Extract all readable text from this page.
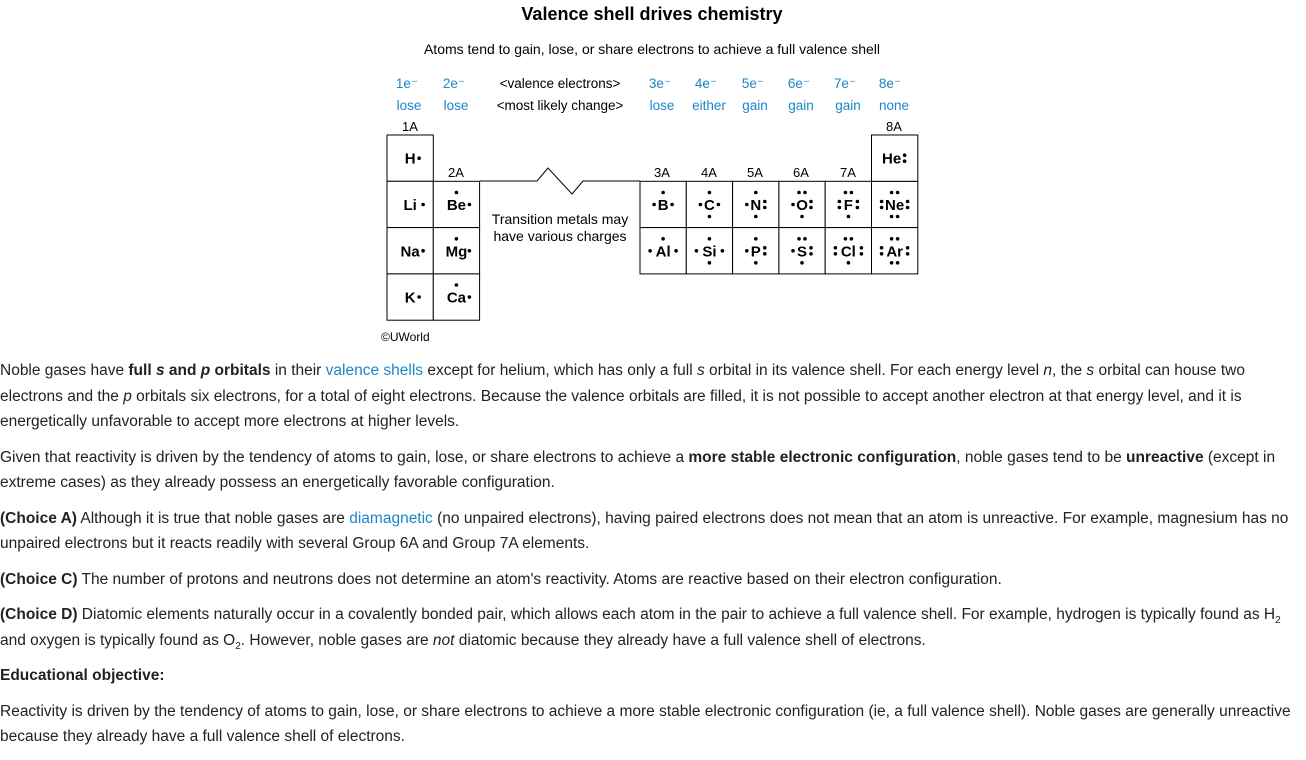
Valence shell drives chemistry
Atoms tend to gain, lose, or share electrons to achieve a full valence shell
1e⁻ 2e⁻	<valence electrons> 3e⁻ 4e⁻ 5e⁻ 6e⁻ 7e⁻ 8e⁻
lose lose <most likely change> lose either gain gain gain none
1A
2A	3A 4A 5A 6A 7A
8A
Transition metals may
have various charges
H
Li
Na
K
Be
Mg
Ca
B C N O F Ne
Al Si P S Cl Ar
He
©UWorld

Noble gases have full s and p orbitals in their valence shells except for helium, which has only a full s orbital in its valence shell. For each energy level n, the s orbital can house two electrons and the p orbitals six electrons, for a total of eight electrons. Because the valence orbitals are filled, it is not possible to accept another electron at that energy level, and it is energetically unfavorable to accept more electrons at higher levels.

Given that reactivity is driven by the tendency of atoms to gain, lose, or share electrons to achieve a more stable electronic configuration, noble gases tend to be unreactive (except in extreme cases) as they already possess an energetically favorable configuration.

(Choice A) Although it is true that noble gases are diamagnetic (no unpaired electrons), having paired electrons does not mean that an atom is unreactive. For example, magnesium has no unpaired electrons but it reacts readily with several Group 6A and Group 7A elements.

(Choice C) The number of protons and neutrons does not determine an atom's reactivity. Atoms are reactive based on their electron configuration.

(Choice D) Diatomic elements naturally occur in a covalently bonded pair, which allows each atom in the pair to achieve a full valence shell. For example, hydrogen is typically found as $H_2$ and oxygen is typically found as $O_2$. However, noble gases are not diatomic because they already have a full valence shell of electrons.

Educational objective:

Reactivity is driven by the tendency of atoms to gain, lose, or share electrons to achieve a more stable electronic configuration (ie, a full valence shell). Noble gases are generally unreactive because they already have a full valence shell of electrons.
